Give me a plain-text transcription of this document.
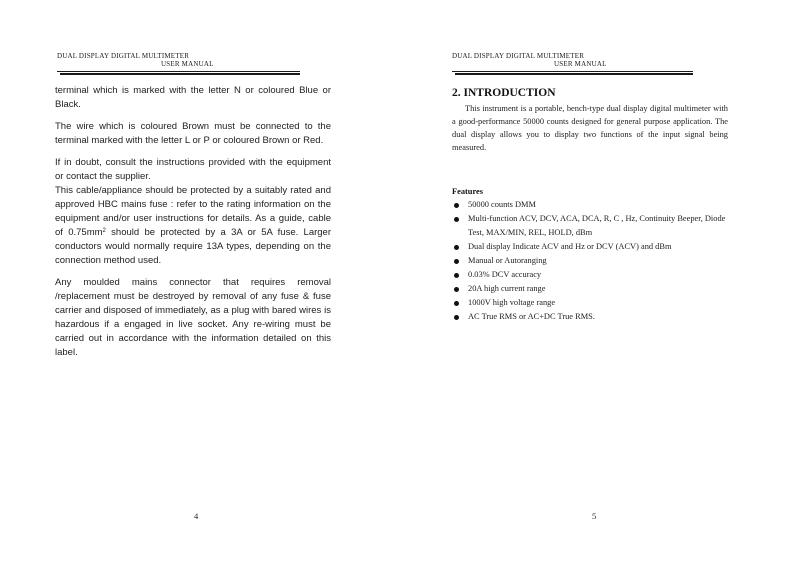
DUAL DISPLAY DIGITAL MULTIMETER
USER MANUAL

terminal which is marked with the letter N or coloured Blue or Black.

The wire which is coloured Brown must be connected to the terminal marked with the letter L or P or coloured Brown or Red.

If in doubt, consult the instructions provided with the equipment or contact the supplier.

This cable/appliance should be protected by a suitably rated and approved HBC mains fuse : refer to the rating information on the equipment and/or user instructions for details. As a guide, cable of $0.75mm^2$ should be protected by a 3A or 5A fuse. Larger conductors would normally require 13A types, depending on the connection method used.

Any moulded mains connector that requires removal /replacement must be destroyed by removal of any fuse & fuse carrier and disposed of immediately, as a plug with bared wires is hazardous if a engaged in live socket. Any re-wiring must be carried out in accordance with the information detailed on this label.

4
DUAL DISPLAY DIGITAL MULTIMETER
USER MANUAL
2. INTRODUCTION

This instrument is a portable, bench-type dual display digital multimeter with a good-performance 50000 counts designed for general purpose application. The dual display allows you to display two functions of the input signal being measured.

Features
50000 counts DMM
Multi-function ACV, DCV, ACA, DCA, R, C , Hz, Continuity Beeper, Diode Test, MAX/MIN, REL, HOLD, dBm
Dual display Indicate ACV and Hz or DCV (ACV) and dBm
Manual or Autoranging
0.03% DCV accuracy
20A high current range
1000V high voltage range
AC True RMS or AC+DC True RMS.
5
